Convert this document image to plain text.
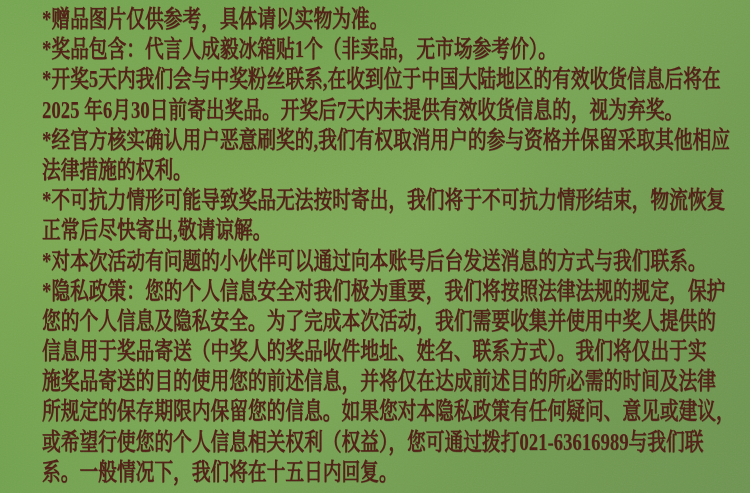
*赠品图片仅供参考，具体请以实物为准。
*奖品包含：代言人成毅冰箱贴1个（非卖品，无市场参考价）。
*开奖5天内我们会与中奖粉丝联系,在收到位于中国大陆地区的有效收货信息后将在
2025 年6月30日前寄出奖品。开奖后7天内未提供有效收货信息的，视为弃奖。
*经官方核实确认用户恶意刷奖的,我们有权取消用户的参与资格并保留采取其他相应
法律措施的权利。
*不可抗力情形可能导致奖品无法按时寄出，我们将于不可抗力情形结束，物流恢复
正常后尽快寄出,敬请谅解。
*对本次活动有问题的小伙伴可以通过向本账号后台发送消息的方式与我们联系。
*隐私政策：您的个人信息安全对我们极为重要，我们将按照法律法规的规定，保护
您的个人信息及隐私安全。为了完成本次活动，我们需要收集并使用中奖人提供的
信息用于奖品寄送（中奖人的奖品收件地址、姓名、联系方式）。我们将仅出于实
施奖品寄送的目的使用您的前述信息，并将仅在达成前述目的所必需的时间及法律
所规定的保存期限内保留您的信息。如果您对本隐私政策有任何疑问、意见或建议，
或希望行使您的个人信息相关权利（权益），您可通过拨打021-63616989与我们联
系。一般情况下，我们将在十五日内回复。
